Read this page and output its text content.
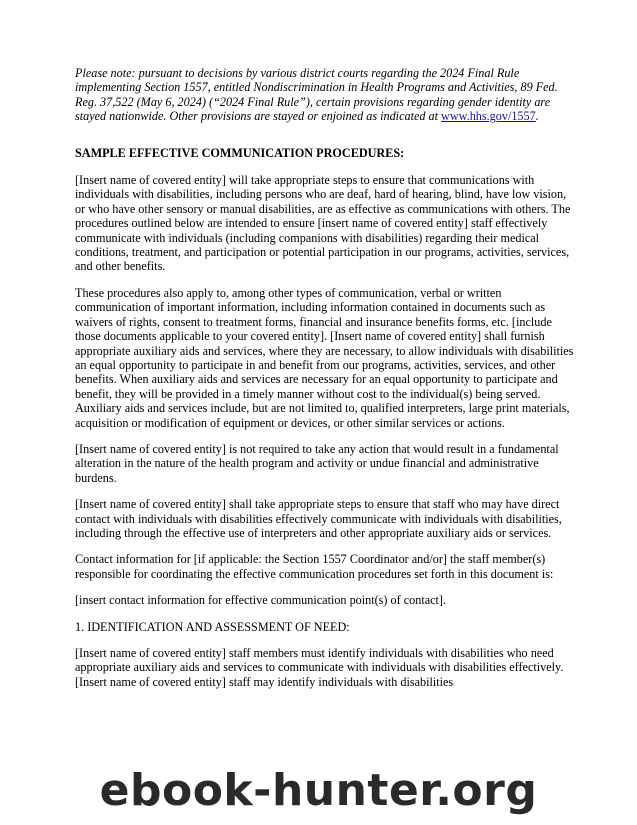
Please note: pursuant to decisions by various district courts regarding the 2024 Final Rule implementing Section 1557, entitled Nondiscrimination in Health Programs and Activities, 89 Fed. Reg. 37,522 (May 6, 2024) (“2024 Final Rule”), certain provisions regarding gender identity are stayed nationwide. Other provisions are stayed or enjoined as indicated at www.hhs.gov/1557.

SAMPLE EFFECTIVE COMMUNICATION PROCEDURES:

[Insert name of covered entity] will take appropriate steps to ensure that communications with individuals with disabilities, including persons who are deaf, hard of hearing, blind, have low vision, or who have other sensory or manual disabilities, are as effective as communications with others. The procedures outlined below are intended to ensure [insert name of covered entity] staff effectively communicate with individuals (including companions with disabilities) regarding their medical conditions, treatment, and participation or potential participation in our programs, activities, services, and other benefits.

These procedures also apply to, among other types of communication, verbal or written communication of important information, including information contained in documents such as waivers of rights, consent to treatment forms, financial and insurance benefits forms, etc. [include those documents applicable to your covered entity]. [Insert name of covered entity] shall furnish appropriate auxiliary aids and services, where they are necessary, to allow individuals with disabilities an equal opportunity to participate in and benefit from our programs, activities, services, and other benefits. When auxiliary aids and services are necessary for an equal opportunity to participate and benefit, they will be provided in a timely manner without cost to the individual(s) being served. Auxiliary aids and services include, but are not limited to, qualified interpreters, large print materials, acquisition or modification of equipment or devices, or other similar services or actions.

[Insert name of covered entity] is not required to take any action that would result in a fundamental alteration in the nature of the health program and activity or undue financial and administrative burdens.

[Insert name of covered entity] shall take appropriate steps to ensure that staff who may have direct contact with individuals with disabilities effectively communicate with individuals with disabilities, including through the effective use of interpreters and other appropriate auxiliary aids or services.

Contact information for [if applicable: the Section 1557 Coordinator and/or] the staff member(s) responsible for coordinating the effective communication procedures set forth in this document is:

[insert contact information for effective communication point(s) of contact].

1. IDENTIFICATION AND ASSESSMENT OF NEED:

[Insert name of covered entity] staff members must identify individuals with disabilities who need appropriate auxiliary aids and services to communicate with individuals with disabilities effectively. [Insert name of covered entity] staff may identify individuals with disabilities

ebook-hunter.org
